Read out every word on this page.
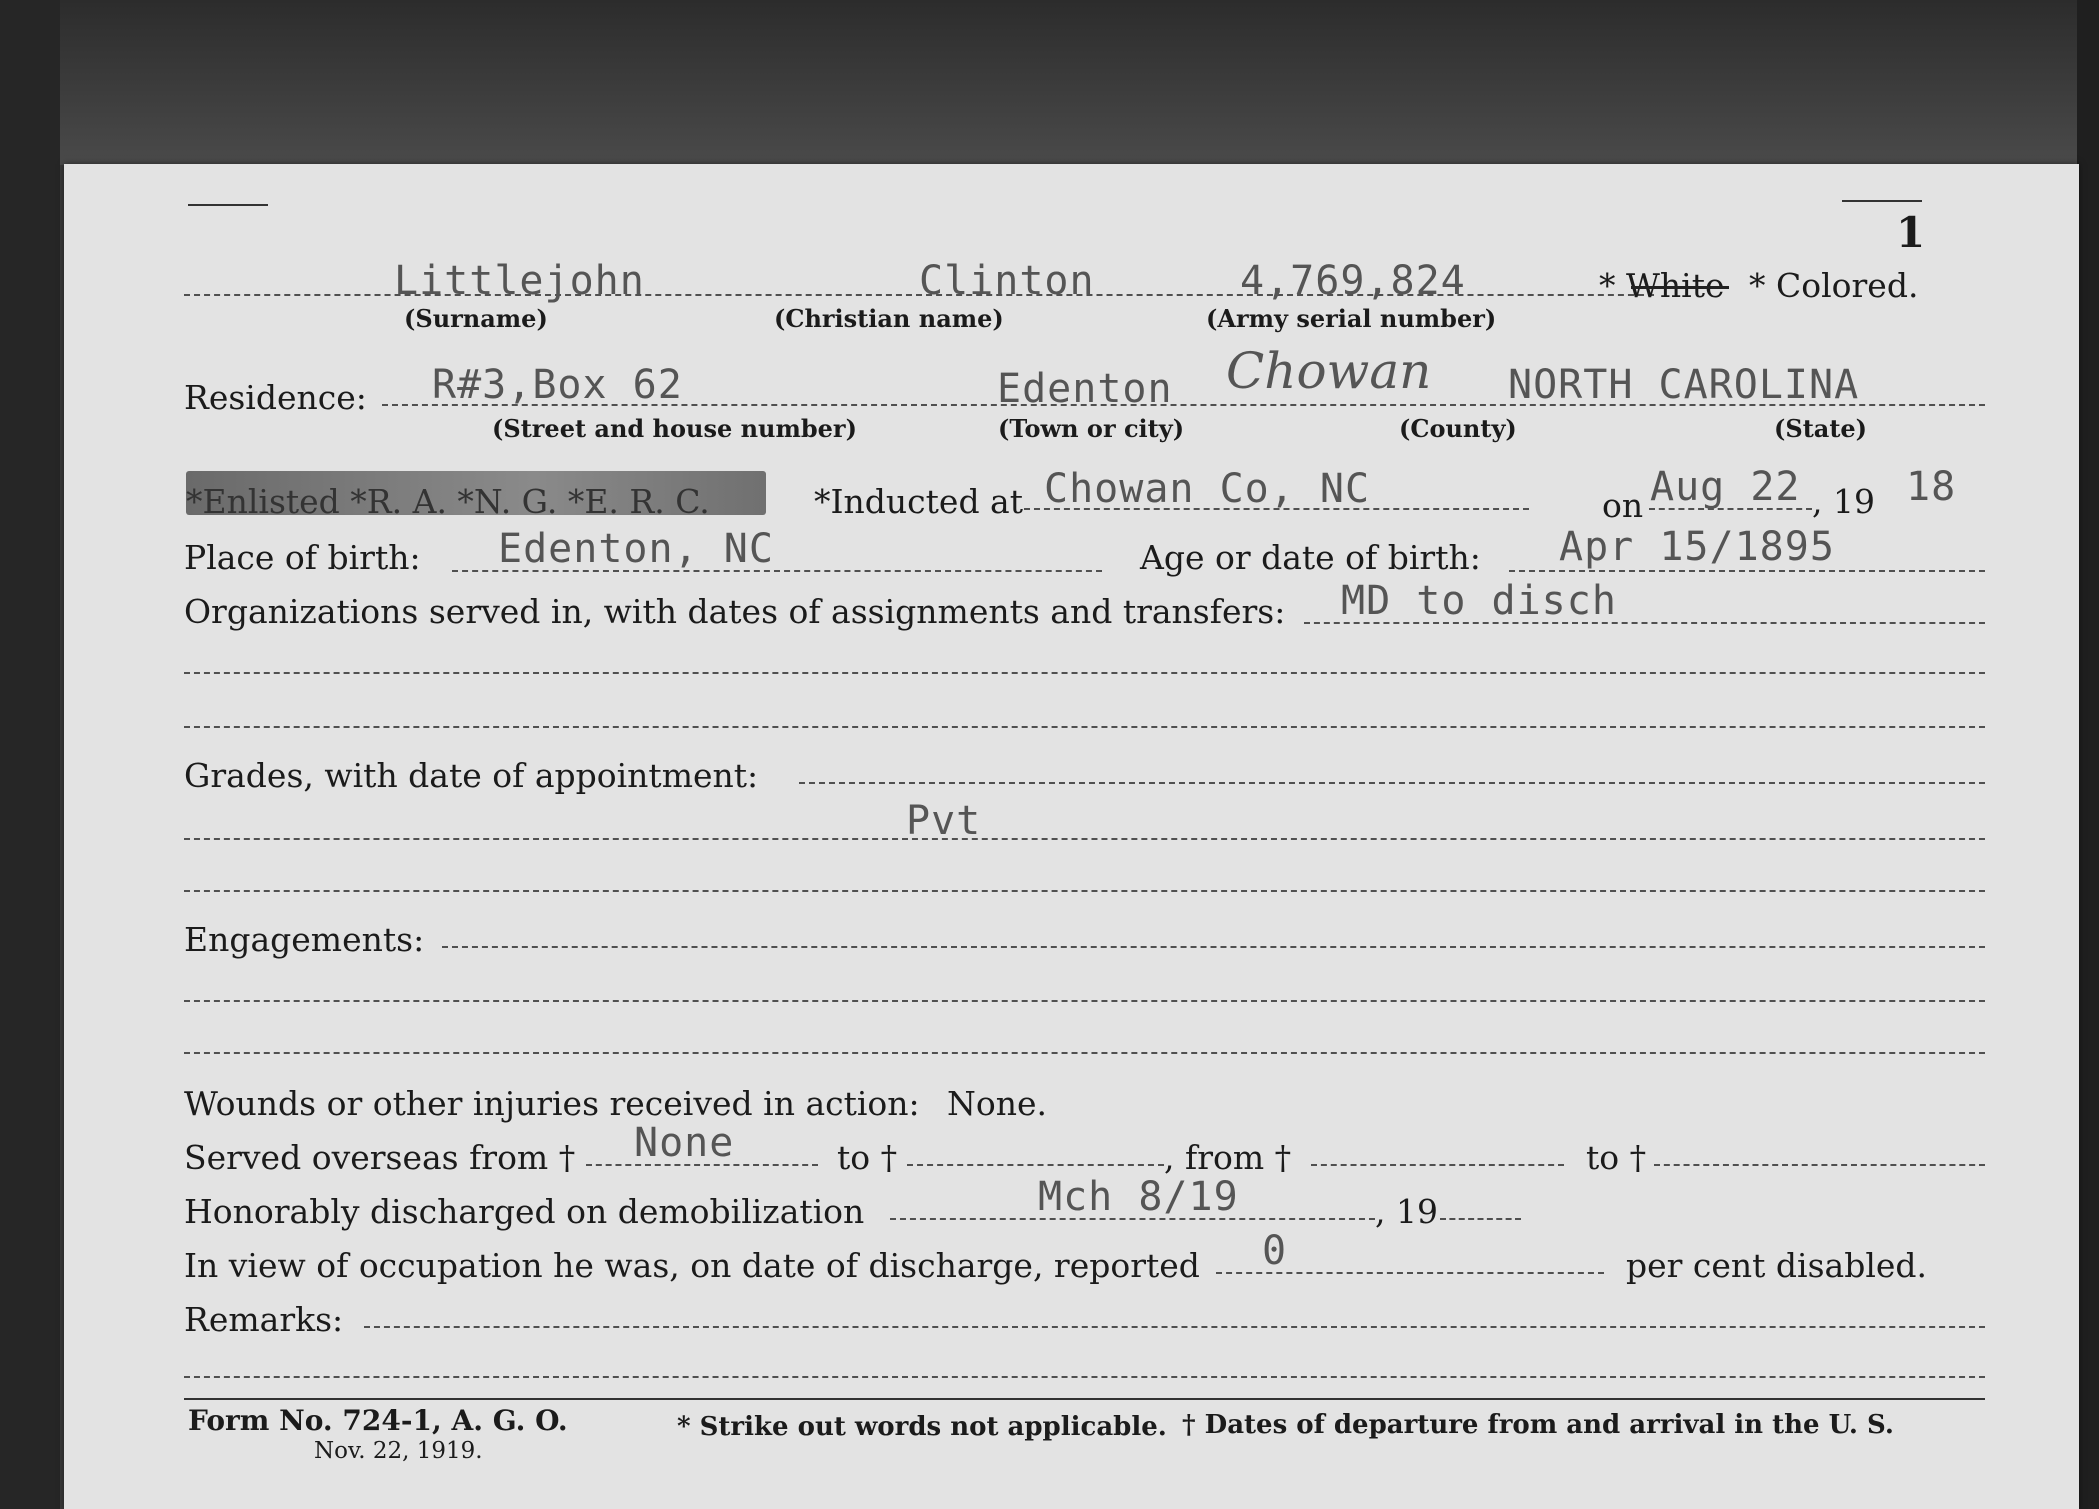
1
Littlejohn
(Surname)
Clinton
(Christian name)
4,769,824
(Army serial number)
* White * Colored.
Residence: R#3,Box 62
(Street and house number)
Edenton
(Town or city)
Chowan
(County)
NORTH CAROLINA
(State)
*Enlisted *R. A. *N. G. *E. R. C.	*Inducted at Chowan Co, NC	on Aug 22 , 19 18
Place of birth: Edenton, NC	Age or date of birth: Apr 15/1895
Organizations served in, with dates of assignments and transfers: MD to disch
Grades, with date of appointment:
Pvt
Engagements:
Wounds or other injuries received in action: None.
Served overseas from † None	to †	, from †	to †
Honorably discharged on demobilization	Mch 8/19	, 19
In view of occupation he was, on date of discharge, reported 0	per cent disabled.
Remarks:
Form No. 724-1, A. G. O.
Nov. 22, 1919.
* Strike out words not applicable. † Dates of departure from and arrival in the U. S.
